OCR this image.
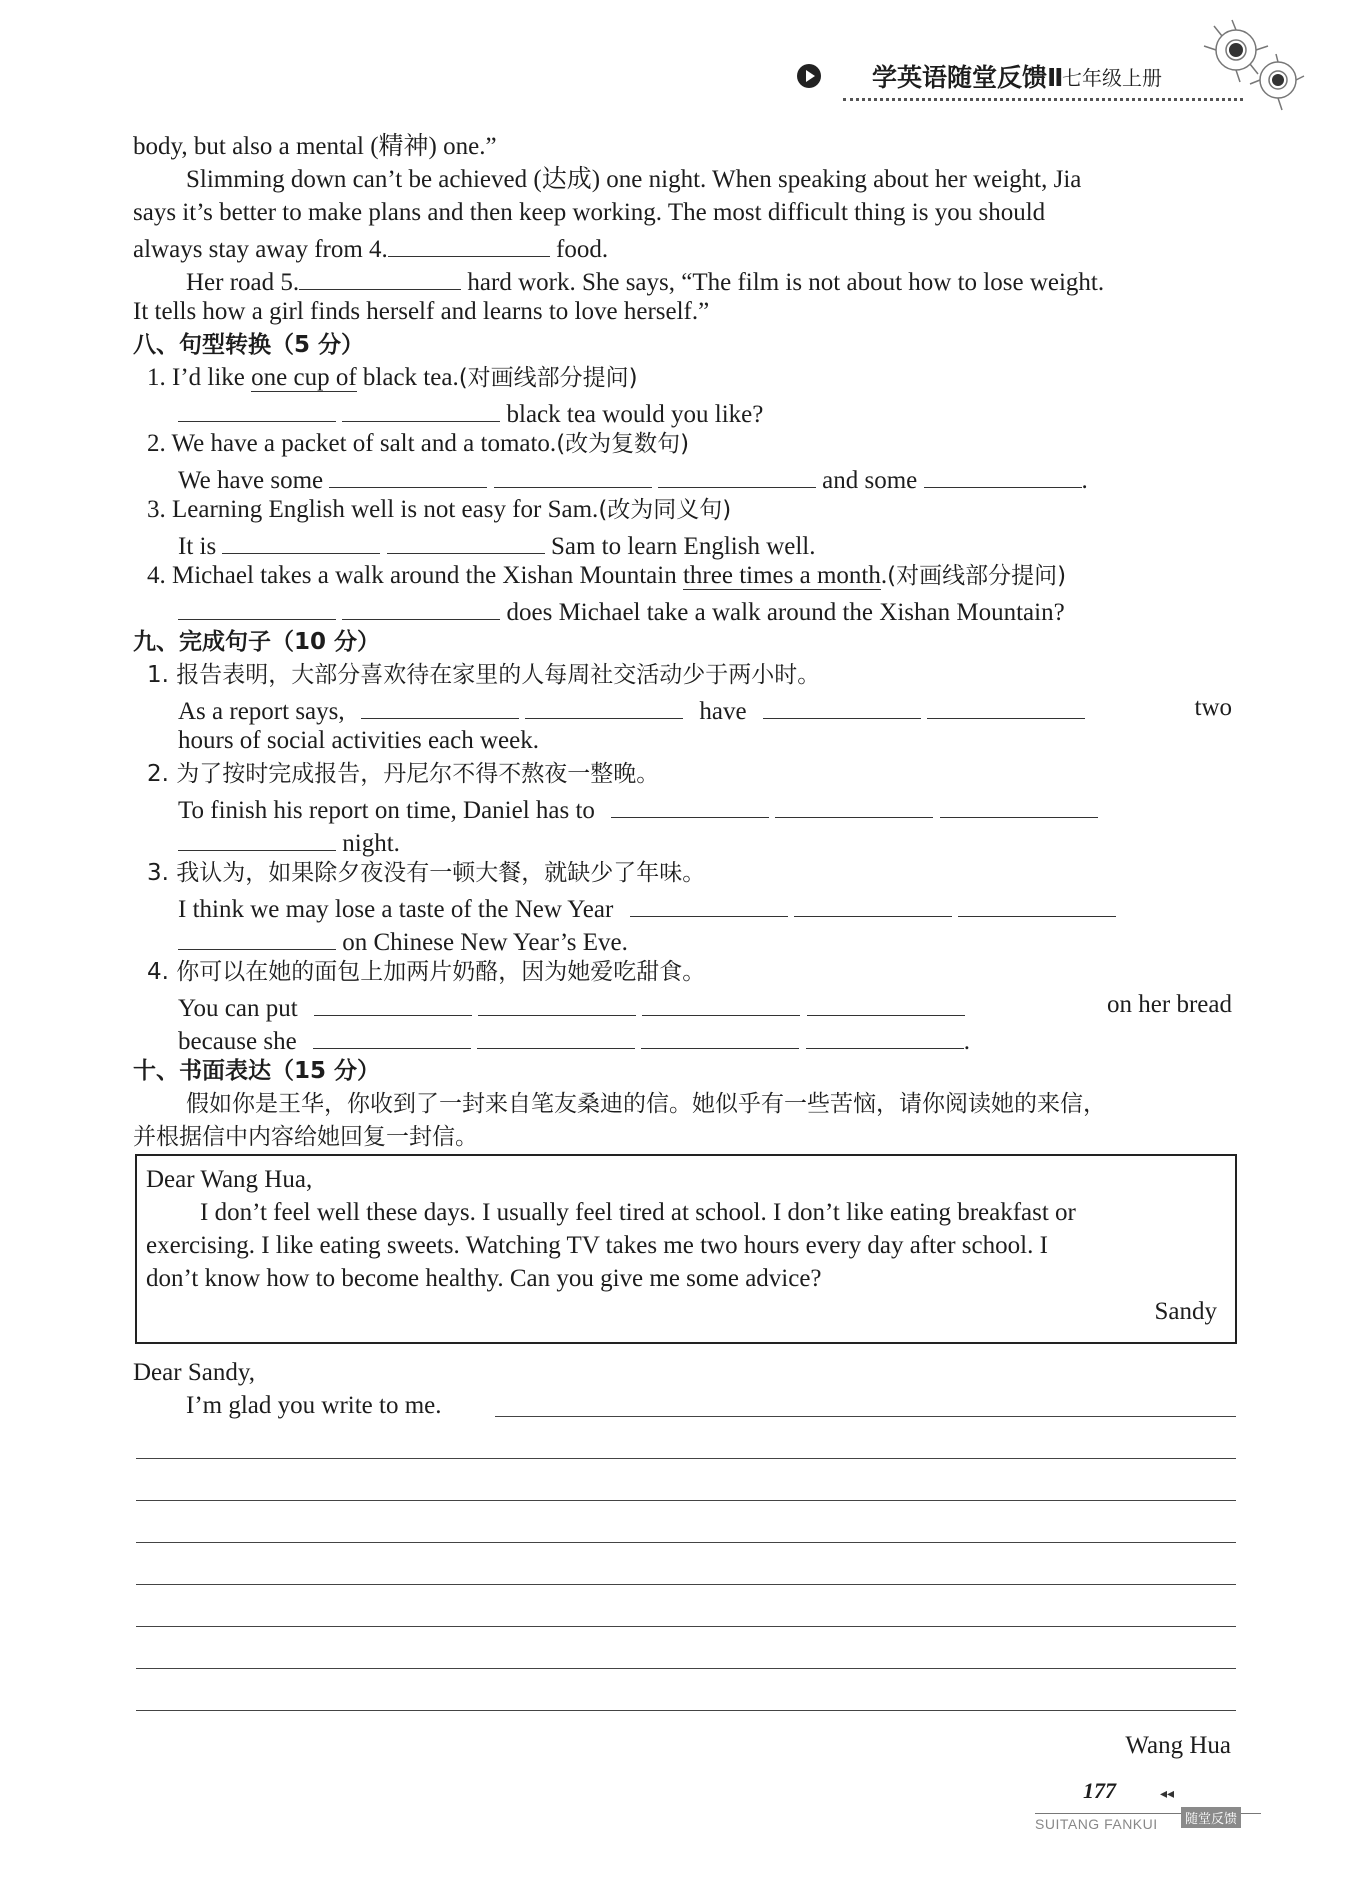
学英语随堂反馈Ⅱ
七年级上册
body, but also a mental (精神) one.”
Slimming down can’t be achieved (达成) one night. When speaking about her weight, Jia
says it’s better to make plans and then keep working. The most difficult thing is you should
always stay away from 4.	food.
Her road 5.	hard work. She says, “The film is not about how to lose weight.
It tells how a girl finds herself and learns to love herself.”
八、句型转换（5 分）
1. I’d like one cup of black tea.(对画线部分提问)
black tea would you like?
2. We have a packet of salt and a tomato.(改为复数句)
We have some	and some	.
3. Learning English well is not easy for Sam.(改为同义句)
It is	Sam to learn English well.
4. Michael takes a walk around the Xishan Mountain three times a month.(对画线部分提问)
does Michael take a walk around the Xishan Mountain?
九、完成句子（10 分）
1. 报告表明，大部分喜欢待在家里的人每周社交活动少于两小时。
As a report says,	have	two
hours of social activities each week.
2. 为了按时完成报告，丹尼尔不得不熬夜一整晚。
To finish his report on time, Daniel has to
night.
3. 我认为，如果除夕夜没有一顿大餐，就缺少了年味。
I think we may lose a taste of the New Year
on Chinese New Year’s Eve.
4. 你可以在她的面包上加两片奶酪，因为她爱吃甜食。
You can put	on her bread
because she	.
十、书面表达（15 分）
假如你是王华，你收到了一封来自笔友桑迪的信。她似乎有一些苦恼，请你阅读她的来信，
并根据信中内容给她回复一封信。
Dear Wang Hua,
I don’t feel well these days. I usually feel tired at school. I don’t like eating breakfast or
exercising. I like eating sweets. Watching TV takes me two hours every day after school. I
don’t know how to become healthy. Can you give me some advice?
Sandy
Dear Sandy,
I’m glad you write to me.
Wang Hua
177	◂◂
SUITANG FANKUI	随堂反馈
